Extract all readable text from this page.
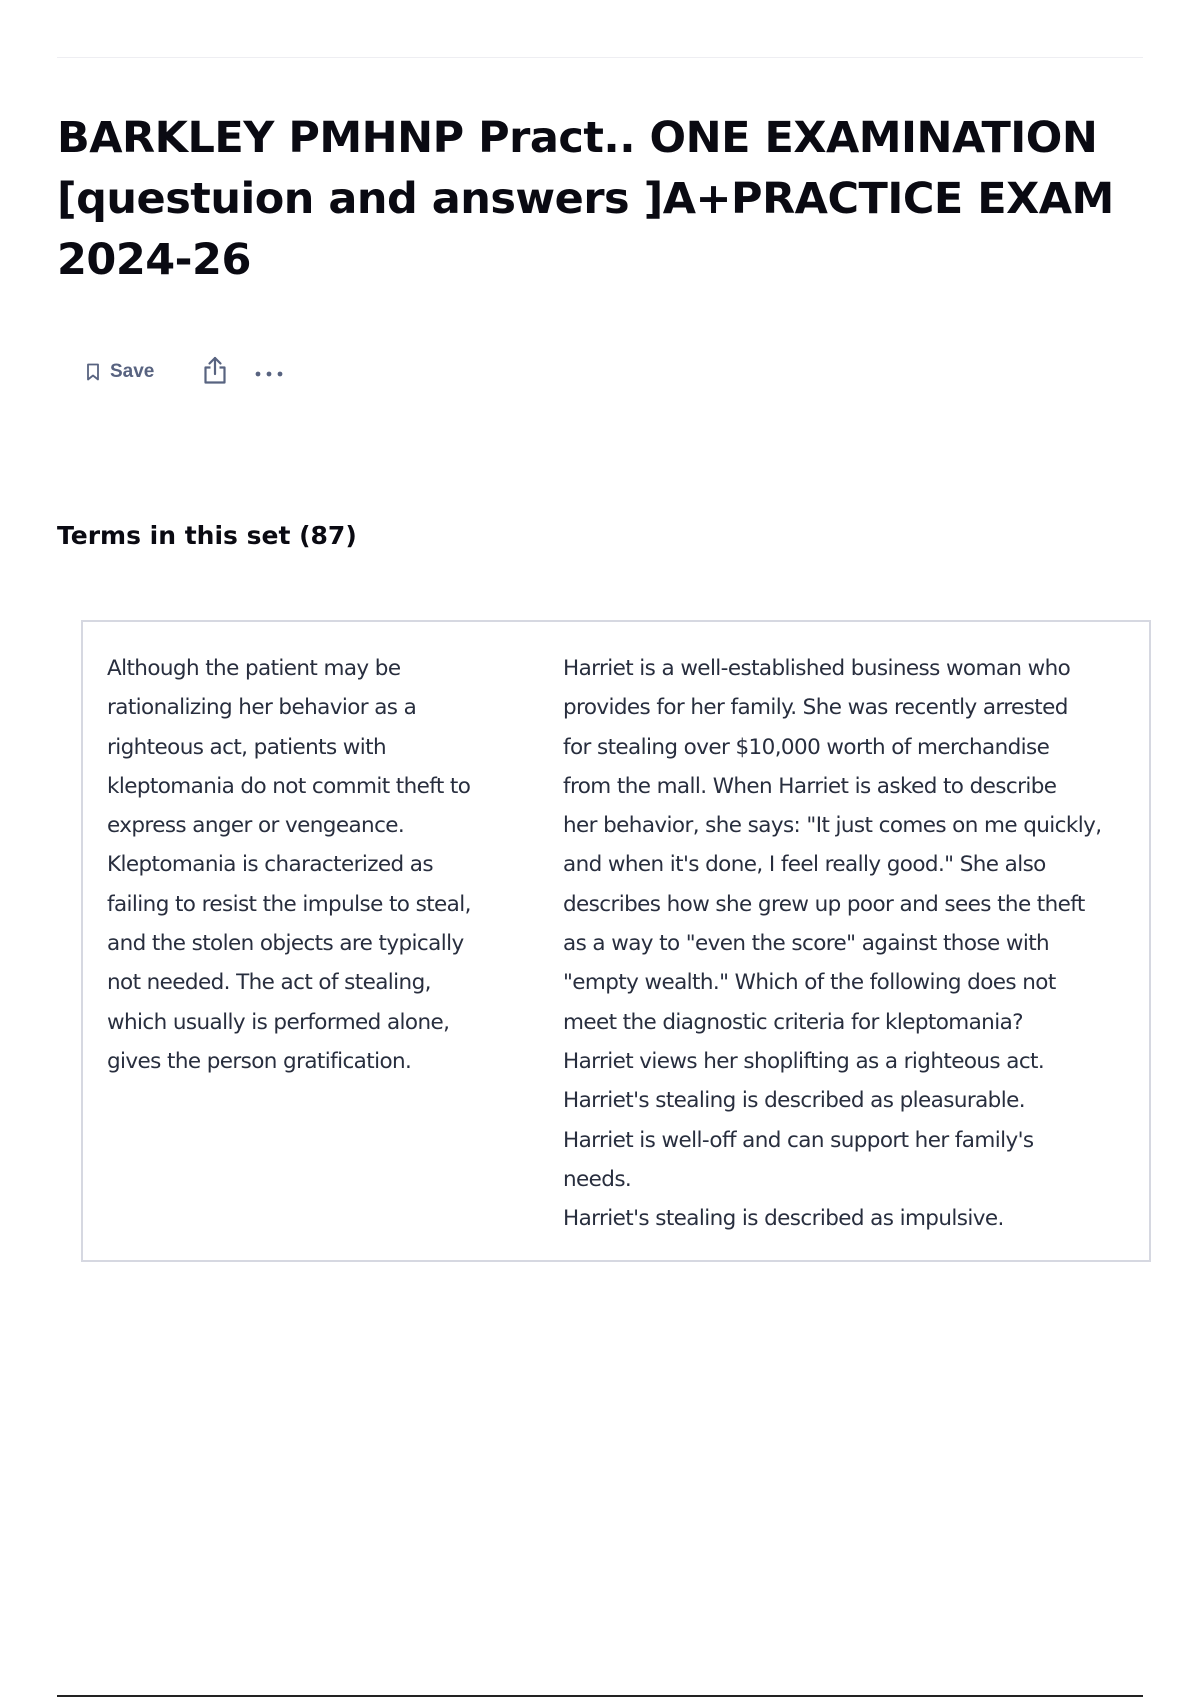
BARKLEY PMHNP Pract.. ONE EXAMINATION
[questuion and answers ]A+PRACTICE EXAM
2024-26
Save
Terms in this set (87)
Although the patient may be
rationalizing her behavior as a
righteous act, patients with
kleptomania do not commit theft to
express anger or vengeance.
Kleptomania is characterized as
failing to resist the impulse to steal,
and the stolen objects are typically
not needed. The act of stealing,
which usually is performed alone,
gives the person gratification.
Harriet is a well-established business woman who
provides for her family. She was recently arrested
for stealing over $10,000 worth of merchandise
from the mall. When Harriet is asked to describe
her behavior, she says: "It just comes on me quickly,
and when it's done, I feel really good." She also
describes how she grew up poor and sees the theft
as a way to "even the score" against those with
"empty wealth." Which of the following does not
meet the diagnostic criteria for kleptomania?
Harriet views her shoplifting as a righteous act.
Harriet's stealing is described as pleasurable.
Harriet is well-off and can support her family's
needs.
Harriet's stealing is described as impulsive.
